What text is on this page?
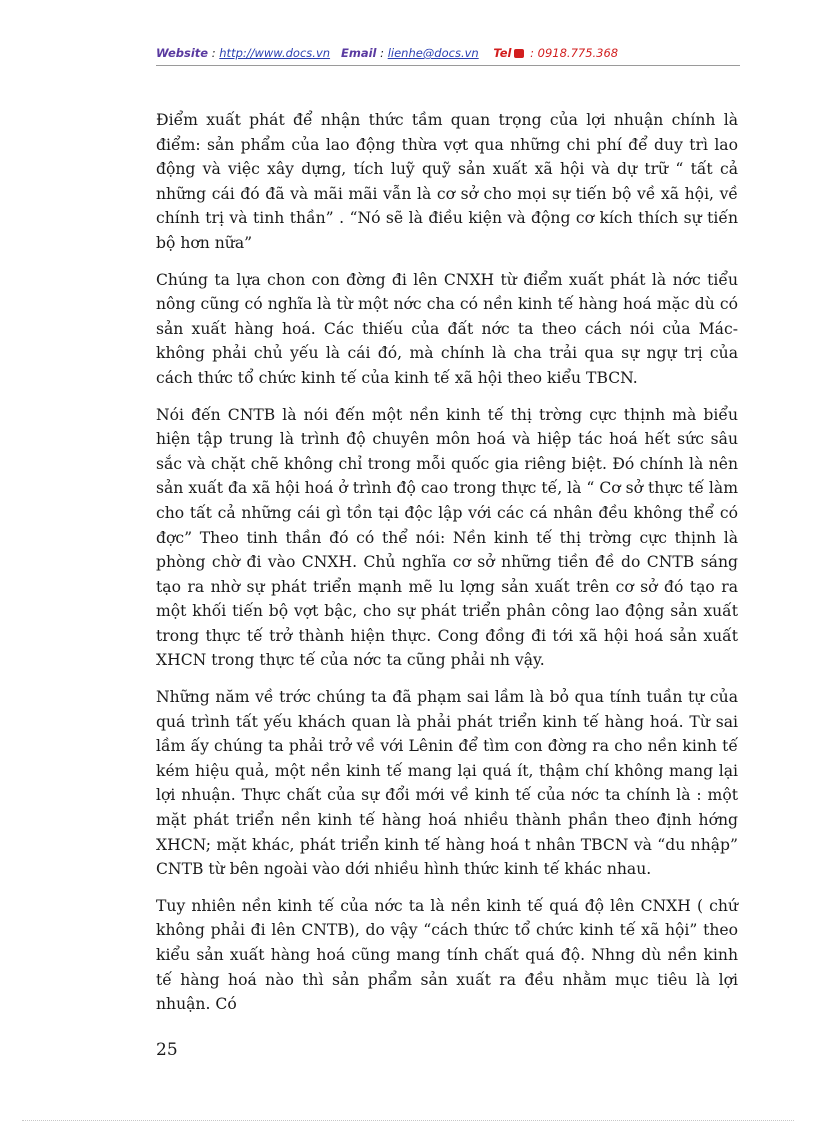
Website : http://www.docs.vn Email : lienhe@docs.vn Tel : 0918.775.368

Điểm xuất phát để nhận thức tầm quan trọng của lợi nhuận chính là điểm: sản phẩm của lao động thừa vợt qua những chi phí để duy trì lao động và việc xây dựng, tích luỹ quỹ sản xuất xã hội và dự trữ “ tất cả những cái đó đã và mãi mãi vẫn là cơ sở cho mọi sự tiến bộ về xã hội, về chính trị và tinh thần” . “Nó sẽ là điều kiện và động cơ kích thích sự tiến bộ hơn nữa”

Chúng ta lựa chon con đờng đi lên CNXH từ điểm xuất phát là nớc tiểu nông cũng có nghĩa là từ một nớc cha có nền kinh tế hàng hoá mặc dù có sản xuất hàng hoá. Các thiếu của đất nớc ta theo cách nói của Mác- không phải chủ yếu là cái đó, mà chính là cha trải qua sự ngự trị của cách thức tổ chức kinh tế của kinh tế xã hội theo kiểu TBCN.

Nói đến CNTB là nói đến một nền kinh tế thị trờng cực thịnh mà biểu hiện tập trung là trình độ chuyên môn hoá và hiệp tác hoá hết sức sâu sắc và chặt chẽ không chỉ trong mỗi quốc gia riêng biệt. Đó chính là nên sản xuất đa xã hội hoá ở trình độ cao trong thực tế, là “ Cơ sở thực tế làm cho tất cả những cái gì tồn tại độc lập với các cá nhân đều không thể có đợc” Theo tinh thần đó có thể nói: Nền kinh tế thị trờng cực thịnh là phòng chờ đi vào CNXH. Chủ nghĩa cơ sở những tiền đề do CNTB sáng tạo ra nhờ sự phát triển mạnh mẽ lu lợng sản xuất trên cơ sở đó tạo ra một khối tiến bộ vợt bậc, cho sự phát triển phân công lao động sản xuất trong thực tế trở thành hiện thực. Cong đồng đi tới xã hội hoá sản xuất XHCN trong thực tế của nớc ta cũng phải nh vậy.

Những năm về trớc chúng ta đã phạm sai lầm là bỏ qua tính tuần tự của quá trình tất yếu khách quan là phải phát triển kinh tế hàng hoá. Từ sai lầm ấy chúng ta phải trở về với Lênin để tìm con đờng ra cho nền kinh tế kém hiệu quả, một nền kinh tế mang lại quá ít, thậm chí không mang lại lợi nhuận. Thực chất của sự đổi mới về kinh tế của nớc ta chính là : một mặt phát triển nền kinh tế hàng hoá nhiều thành phần theo định hớng XHCN; mặt khác, phát triển kinh tế hàng hoá t nhân TBCN và “du nhập” CNTB từ bên ngoài vào dới nhiều hình thức kinh tế khác nhau.

Tuy nhiên nền kinh tế của nớc ta là nền kinh tế quá độ lên CNXH ( chứ không phải đi lên CNTB), do vậy “cách thức tổ chức kinh tế xã hội” theo kiểu sản xuất hàng hoá cũng mang tính chất quá độ. Nhng dù nền kinh tế hàng hoá nào thì sản phẩm sản xuất ra đều nhằm mục tiêu là lợi nhuận. Có

25
